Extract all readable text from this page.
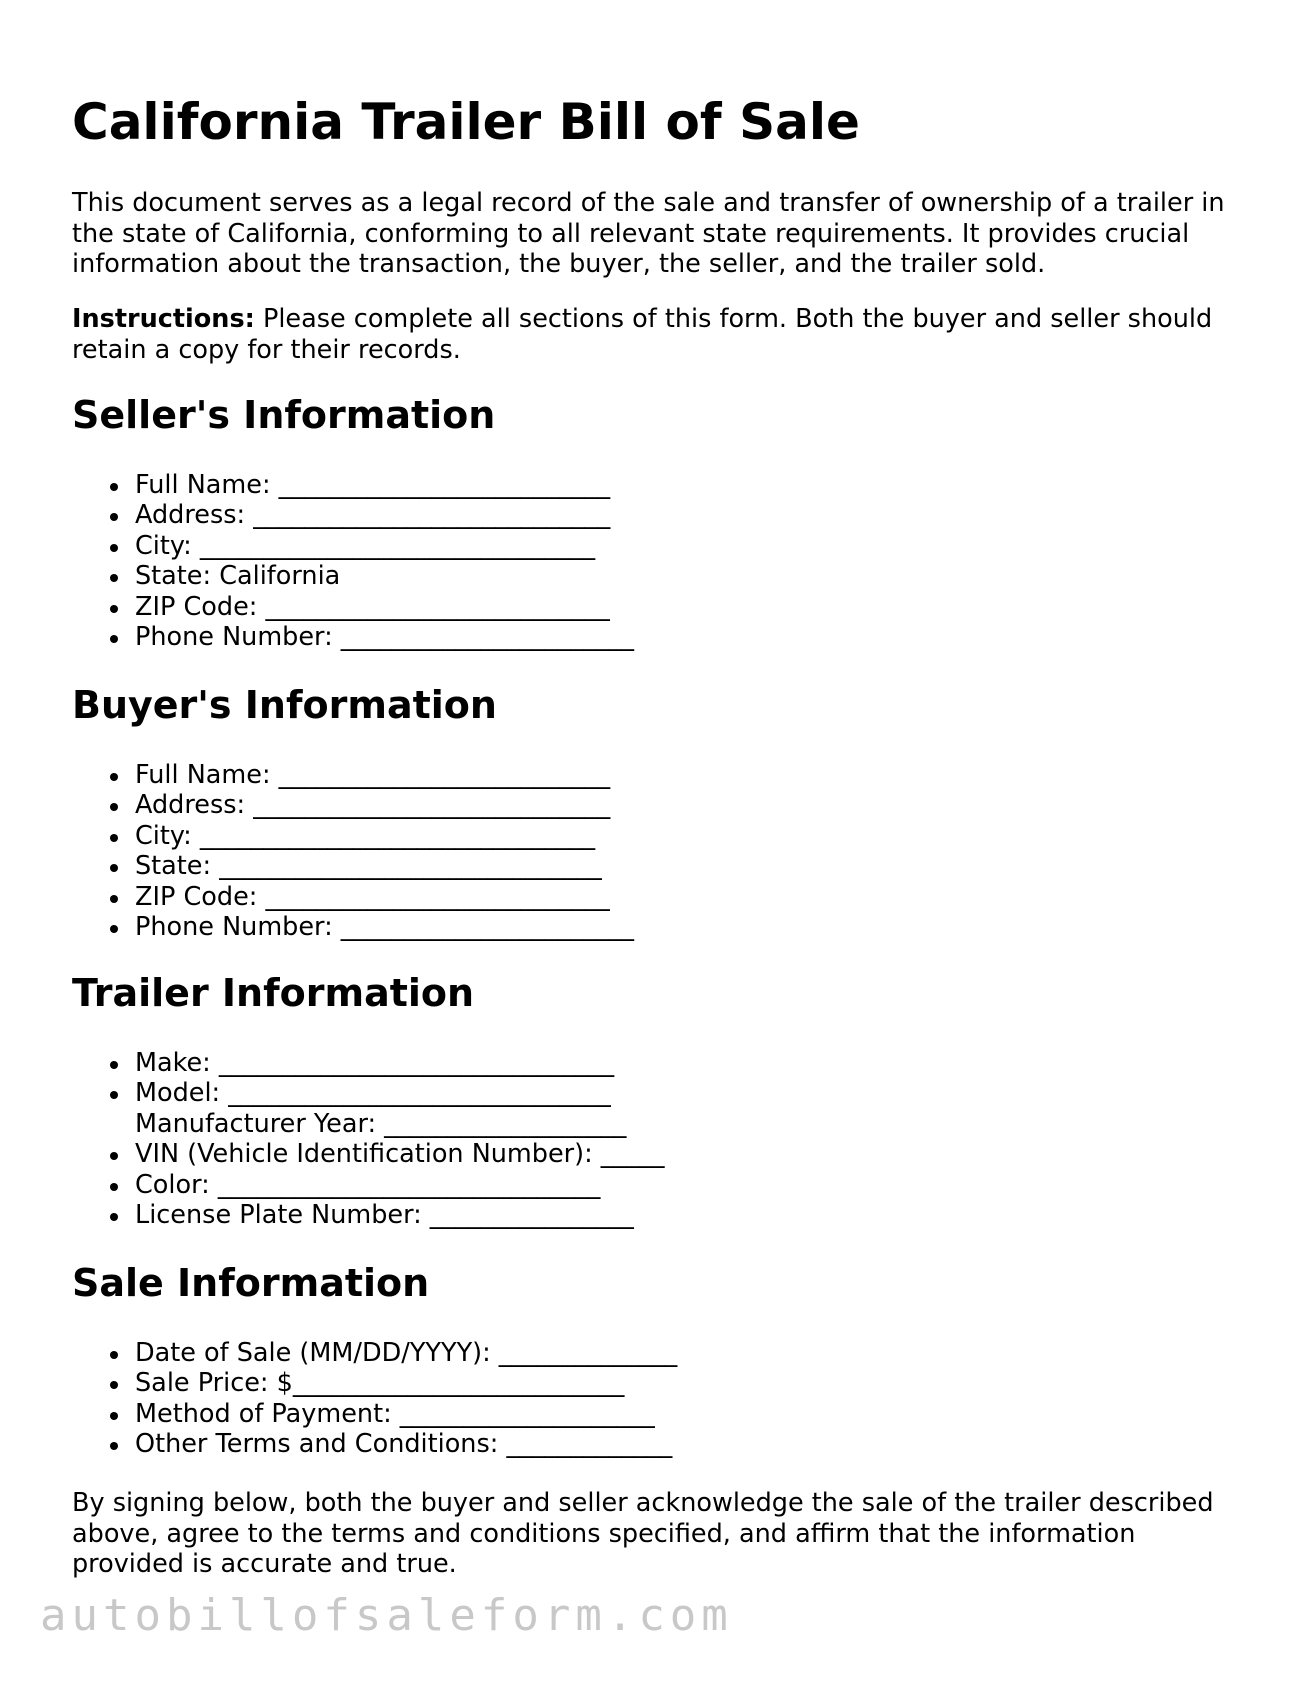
California Trailer Bill of Sale

This document serves as a legal record of the sale and transfer of ownership of a trailer in the state of California, conforming to all relevant state requirements. It provides crucial information about the transaction, the buyer, the seller, and the trailer sold.

Instructions: Please complete all sections of this form. Both the buyer and seller should retain a copy for their records.

Seller's Information
Full Name: __________________________
Address: ____________________________
City: _______________________________
State: California
ZIP Code: ___________________________
Phone Number: _______________________
Buyer's Information
Full Name: __________________________
Address: ____________________________
City: _______________________________
State: ______________________________
ZIP Code: ___________________________
Phone Number: _______________________
Trailer Information
Make: _______________________________
Model: ______________________________
Manufacturer Year: ___________________
VIN (Vehicle Identification Number): _____
Color: ______________________________
License Plate Number: ________________
Sale Information
Date of Sale (MM/DD/YYYY): ______________
Sale Price: $__________________________
Method of Payment: ____________________
Other Terms and Conditions: _____________

By signing below, both the buyer and seller acknowledge the sale of the trailer described above, agree to the terms and conditions specified, and affirm that the information provided is accurate and true.

autobillofsaleform.com
